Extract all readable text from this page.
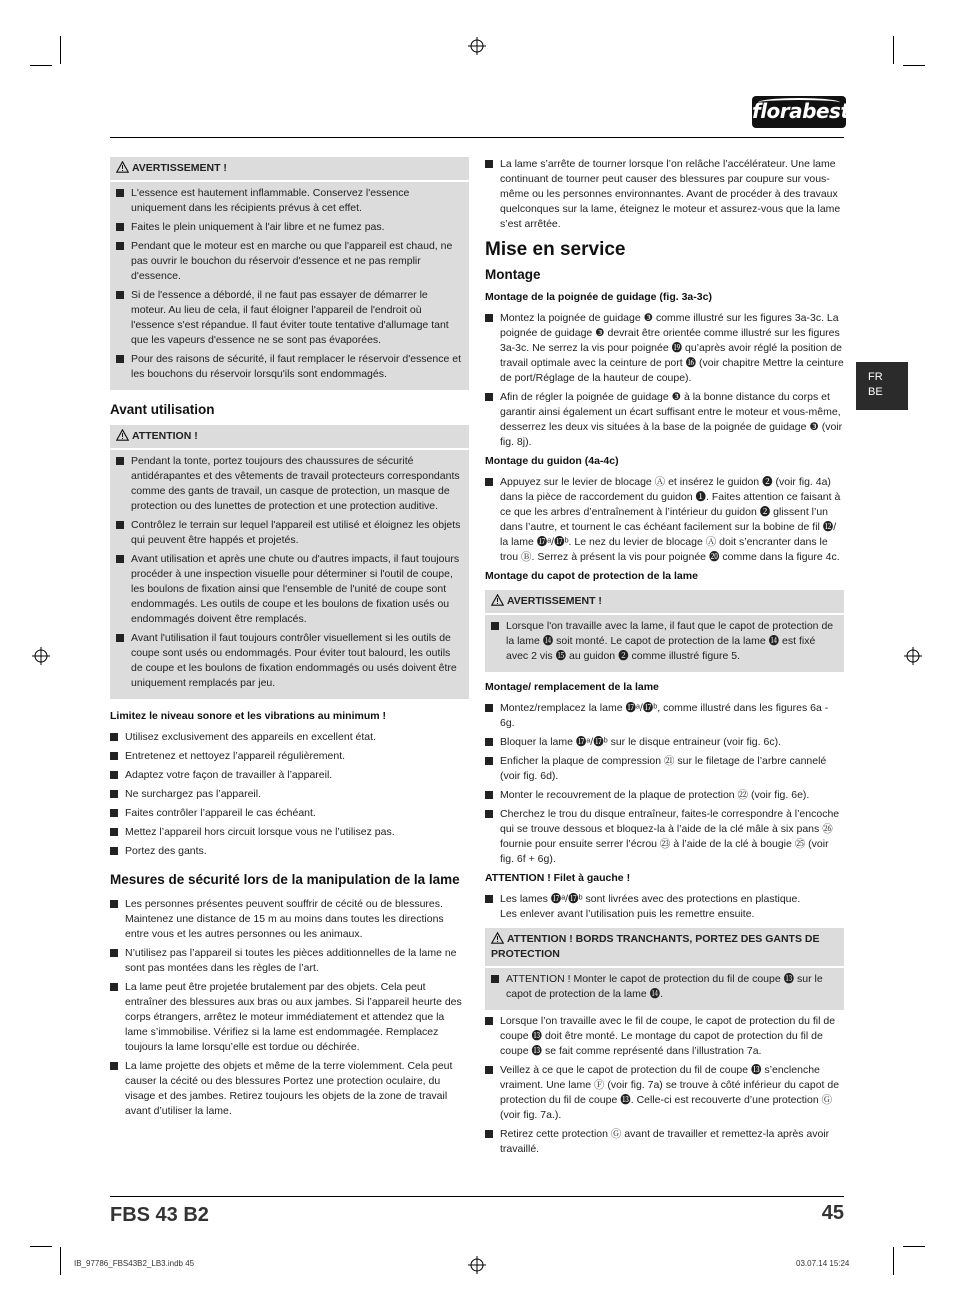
florabest
FR
BE
AVERTISSEMENT !
L'essence est hautement inflammable. Conservez l'essence uniquement dans les récipients prévus à cet effet.
Faites le plein uniquement à l'air libre et ne fumez pas.
Pendant que le moteur est en marche ou que l'appareil est chaud, ne pas ouvrir le bouchon du réservoir d'essence et ne pas remplir d'essence.
Si de l'essence a débordé, il ne faut pas essayer de démarrer le moteur. Au lieu de cela, il faut éloigner l'appareil de l'endroit où l'essence s'est répandue. Il faut éviter toute tentative d'allumage tant que les vapeurs d'essence ne se sont pas évaporées.
Pour des raisons de sécurité, il faut remplacer le réservoir d'essence et les bouchons du réservoir lorsqu'ils sont endommagés.
Avant utilisation
ATTENTION !
Pendant la tonte, portez toujours des chaussures de sécurité antidérapantes et des vêtements de travail protecteurs correspondants comme des gants de travail, un casque de protection, un masque de protection ou des lunettes de protection et une protection auditive.
Contrôlez le terrain sur lequel l'appareil est utilisé et éloignez les objets qui peuvent être happés et projetés.
Avant utilisation et après une chute ou d'autres impacts, il faut toujours procéder à une inspection visuelle pour déterminer si l'outil de coupe, les boulons de fixation ainsi que l'ensemble de l'unité de coupe sont endommagés. Les outils de coupe et les boulons de fixation usés ou endommagés doivent être remplacés.
Avant l'utilisation il faut toujours contrôler visuellement si les outils de coupe sont usés ou endommagés. Pour éviter tout balourd, les outils de coupe et les boulons de fixation endommagés ou usés doivent être uniquement remplacés par jeu.
Limitez le niveau sonore et les vibrations au minimum !
Utilisez exclusivement des appareils en excellent état.
Entretenez et nettoyez l’appareil régulièrement.
Adaptez votre façon de travailler à l’appareil.
Ne surchargez pas l’appareil.
Faites contrôler l’appareil le cas échéant.
Mettez l’appareil hors circuit lorsque vous ne l’utilisez pas.
Portez des gants.
Mesures de sécurité lors de la manipulation de la lame
Les personnes présentes peuvent souffrir de cécité ou de blessures. Maintenez une distance de 15 m au moins dans toutes les directions entre vous et les autres personnes ou les animaux.
N’utilisez pas l’appareil si toutes les pièces additionnelles de la lame ne sont pas montées dans les règles de l’art.
La lame peut être projetée brutalement par des objets. Cela peut entraîner des blessures aux bras ou aux jambes. Si l’appareil heurte des corps étrangers, arrêtez le moteur immédiatement et attendez que la lame s’immobilise. Vérifiez si la lame est endommagée. Remplacez toujours la lame lorsqu’elle est tordue ou déchirée.
La lame projette des objets et même de la terre violemment. Cela peut causer la cécité ou des blessures Portez une protection oculaire, du visage et des jambes. Retirez toujours les objets de la zone de travail avant d’utiliser la lame.
La lame s’arrête de tourner lorsque l’on relâche l’accélérateur. Une lame continuant de tourner peut causer des blessures par coupure sur vous-même ou les personnes environnantes. Avant de procéder à des travaux quelconques sur la lame, éteignez le moteur et assurez-vous que la lame s’est arrêtée.
Mise en service
Montage
Montage de la poignée de guidage (fig. 3a-3c)
Montez la poignée de guidage ❸ comme illustré sur les figures 3a-3c. La poignée de guidage ❸ devrait être orientée comme illustré sur les figures 3a-3c. Ne serrez la vis pour poignée ⓳ qu’après avoir réglé la position de travail optimale avec la ceinture de port ⓰ (voir chapitre Mettre la ceinture de port/Réglage de la hauteur de coupe).
Afin de régler la poignée de guidage ❸ à la bonne distance du corps et garantir ainsi également un écart suffisant entre le moteur et vous-même, desserrez les deux vis situées à la base de la poignée de guidage ❸ (voir fig. 8j).
Montage du guidon (4a-4c)
Appuyez sur le levier de blocage Ⓐ et insérez le guidon ❷ (voir fig. 4a) dans la pièce de raccordement du guidon ❶. Faites attention ce faisant à ce que les arbres d’entraînement à l’intérieur du guidon ❷ glissent l’un dans l’autre, et tournent le cas échéant facilement sur la bobine de fil ⓬/ la lame ⓱ᵃ/⓱ᵇ. Le nez du levier de blocage Ⓐ doit s’encranter dans le trou Ⓑ. Serrez à présent la vis pour poignée ⓴ comme dans la figure 4c.
Montage du capot de protection de la lame
AVERTISSEMENT !
Lorsque l'on travaille avec la lame, il faut que le capot de protection de la lame ⓮ soit monté. Le capot de protection de la lame ⓮ est fixé avec 2 vis ⓯ au guidon ❷ comme illustré figure 5.
Montage/ remplacement de la lame
Montez/remplacez la lame ⓱ᵃ/⓱ᵇ, comme illustré dans les figures 6a - 6g.
Bloquer la lame ⓱ᵃ/⓱ᵇ sur le disque entraineur (voir fig. 6c).
Enficher la plaque de compression ㉑ sur le filetage de l’arbre cannelé (voir fig. 6d).
Monter le recouvrement de la plaque de protection ㉒ (voir fig. 6e).
Cherchez le trou du disque entraîneur, faites-le correspondre à l’encoche qui se trouve dessous et bloquez-la à l’aide de la clé mâle à six pans ㉖ fournie pour ensuite serrer l’écrou ㉓ à l’aide de la clé à bougie ㉕ (voir fig. 6f + 6g).
ATTENTION ! Filet à gauche !
Les lames ⓱ᵃ/⓱ᵇ sont livrées avec des protections en plastique.
Les enlever avant l’utilisation puis les remettre ensuite.
ATTENTION ! BORDS TRANCHANTS, PORTEZ DES GANTS DE PROTECTION
ATTENTION ! Monter le capot de protection du fil de coupe ⓭ sur le capot de protection de la lame ⓮.
Lorsque l’on travaille avec le fil de coupe, le capot de protection du fil de coupe ⓭ doit être monté. Le montage du capot de protection du fil de coupe ⓭ se fait comme représenté dans l’illustration 7a.
Veillez à ce que le capot de protection du fil de coupe ⓭ s’enclenche vraiment. Une lame Ⓕ (voir fig. 7a) se trouve à côté inférieur du capot de protection du fil de coupe ⓭. Celle-ci est recouverte d’une protection Ⓖ (voir fig. 7a.).
Retirez cette protection Ⓖ avant de travailler et remettez-la après avoir travaillé.
FBS 43 B2	45
IB_97786_FBS43B2_LB3.indb 45	03.07.14 15:24
